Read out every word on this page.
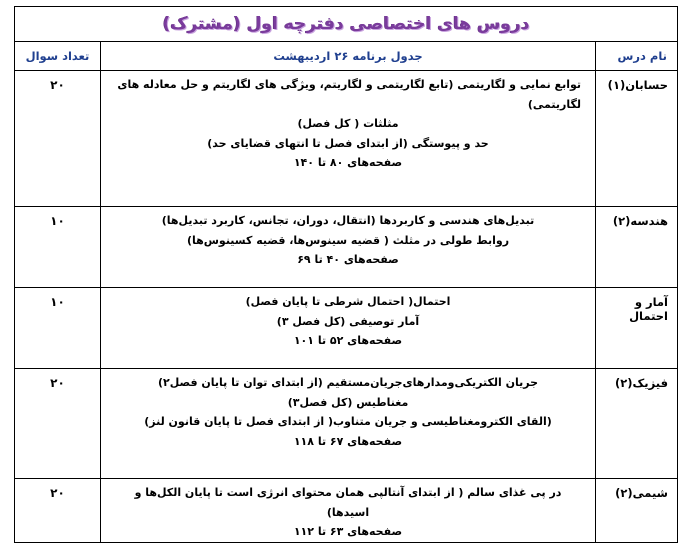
دروس های اختصاصی دفترچه اول (مشترک)
نام درس	جدول برنامه ۲۶ اردیبهشت	تعداد سوال
حسابان(۱)	توابع نمایی و لگاریتمی (تابع لگاریتمی و لگاریتم، ویژگی های لگاریتم و حل معادله های لگاریتمی)
مثلثات ( کل فصل)
حد و پیوستگی (از ابتدای فصل تا انتهای قضایای حد)
صفحه‌های ۸۰ تا ۱۴۰	۲۰
هندسه(۲)	تبدیل‌های هندسی و کاربردها (انتقال، دوران، تجانس، کاربرد تبدیل‌ها)
روابط طولی در مثلث ( قضیه سینوس‌ها، قضیه کسینوس‌ها)
صفحه‌های ۴۰ تا ۶۹	۱۰
آمار و احتمال	احتمال( احتمال شرطی تا پایان فصل)
آمار توصیفی (کل فصل ۳)
صفحه‌های ۵۲ تا ۱۰۱	۱۰
فیزیک(۲)	جریان الکتریکی‌ومدارهای‌جریان‌مستقیم (از ابتدای توان تا پایان فصل۲)
مغناطیس (کل فصل۳)
(القای الکترومغناطیسی و جریان متناوب( از ابتدای فصل تا پایان قانون لنز)
صفحه‌های ۶۷ تا ۱۱۸	۲۰
شیمی(۲)	در پی غذای سالم ( از ابتدای آنتالپی همان محتوای انرژی است تا پایان الکل‌ها و اسیدها)
صفحه‌های ۶۳ تا ۱۱۲	۲۰
